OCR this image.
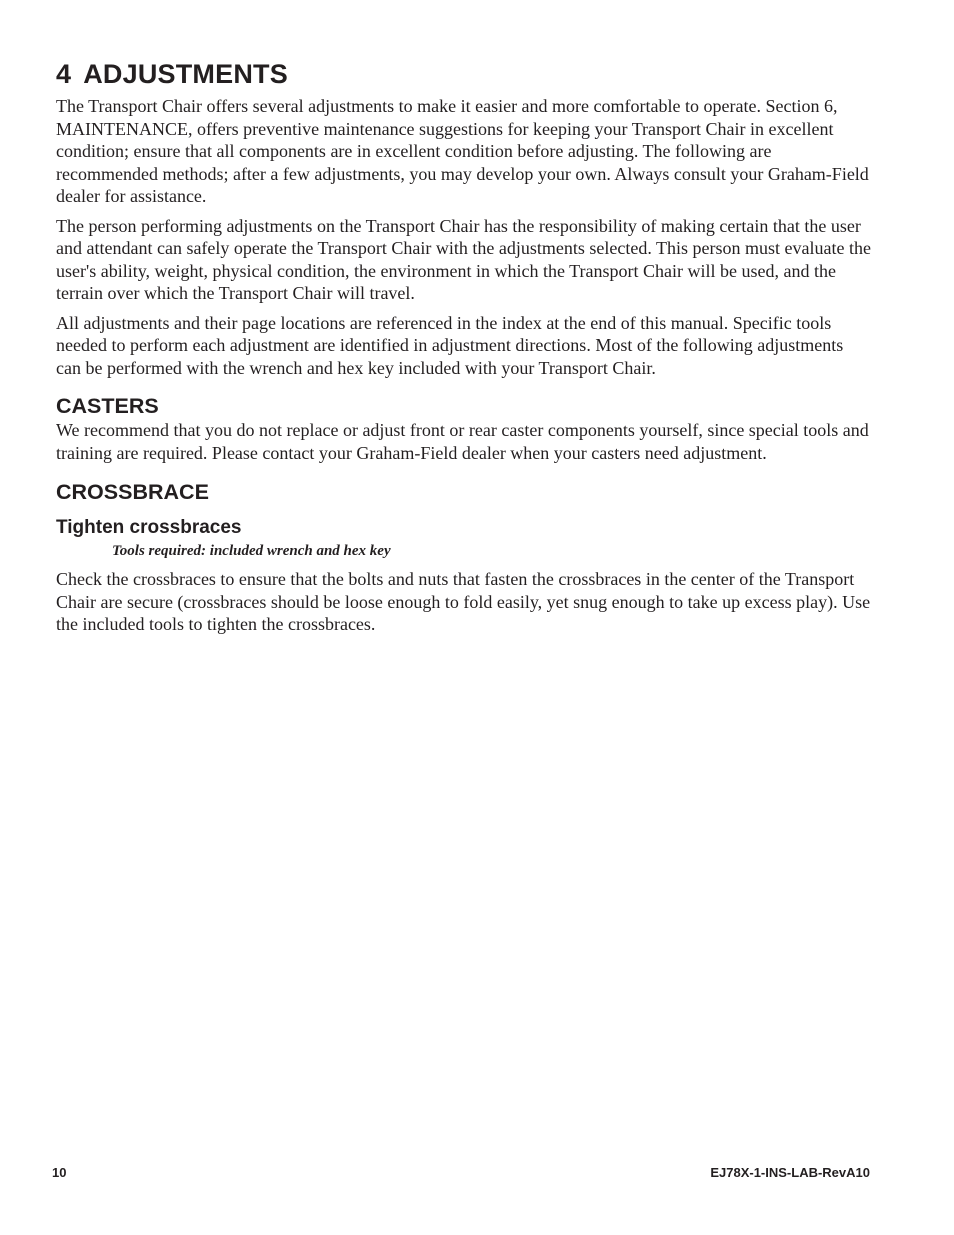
4 ADJUSTMENTS

The Transport Chair offers several adjustments to make it easier and more comfortable to operate. Section 6, MAINTENANCE, offers preventive maintenance suggestions for keeping your Transport Chair in excellent condition; ensure that all components are in excellent condition before adjusting. The following are recommended methods; after a few adjustments, you may develop your own. Always consult your Graham-Field dealer for assistance.

The person performing adjustments on the Transport Chair has the responsibility of making certain that the user and attendant can safely operate the Transport Chair with the adjustments selected. This person must evaluate the user's ability, weight, physical condition, the environment in which the Transport Chair will be used, and the terrain over which the Transport Chair will travel.

All adjustments and their page locations are referenced in the index at the end of this manual. Specific tools needed to perform each adjustment are identified in adjustment directions. Most of the following adjustments can be performed with the wrench and hex key included with your Transport Chair.

CASTERS

We recommend that you do not replace or adjust front or rear caster components yourself, since special tools and training are required. Please contact your Graham-Field dealer when your casters need adjustment.

CROSSBRACE
Tighten crossbraces
Tools required: included wrench and hex key

Check the crossbraces to ensure that the bolts and nuts that fasten the crossbraces in the center of the Transport Chair are secure (crossbraces should be loose enough to fold easily, yet snug enough to take up excess play). Use the included tools to tighten the crossbraces.

10	EJ78X-1-INS-LAB-RevA10
